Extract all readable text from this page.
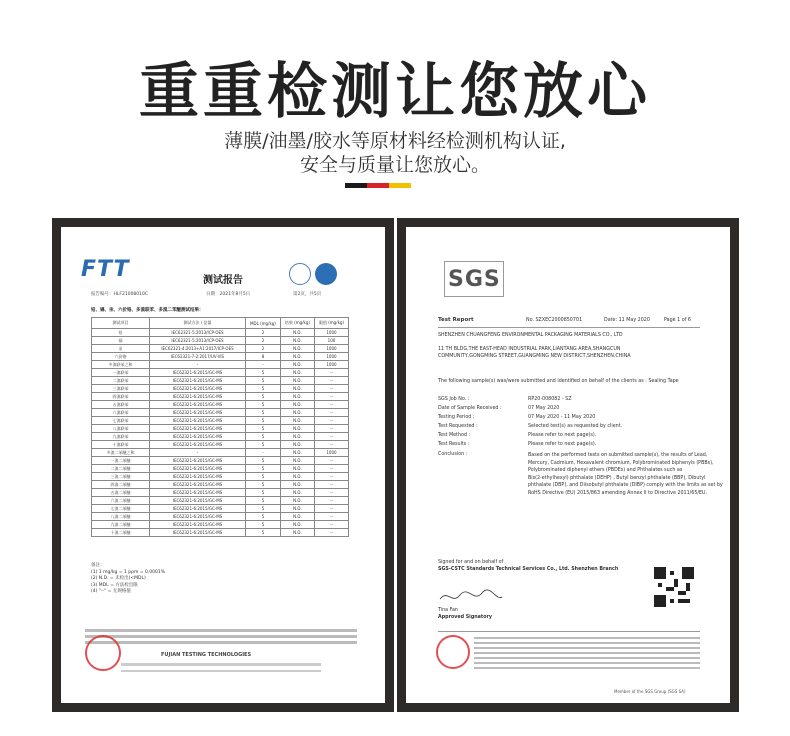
重重检测让您放心
薄膜/油墨/胶水等原材料经检测机构认证,
安全与质量让您放心。
FTT	测试报告
报告编号：HLF21008010C	日期：2021年8月5日	第2页，共5页
铅、镉、汞、六价铬、多溴联苯、多溴二苯醚测试结果：
测试项目	测试方法 / 仪器	MDL (mg/kg)	结果 (mg/kg)	限值 (mg/kg)
铅	IEC62321-5:2013/ICP-OES	2	N.D.	1000
镉	IEC62321-5:2013/ICP-OES	2	N.D.	100
汞	IEC62321-4:2013+A1:2017/ICP-OES	2	N.D.	1000
六价铬	IEC62321-7-2:2017/UV-VIS	8	N.D.	1000
多溴联苯之和	-	-	N.D.	1000
一溴联苯	IEC62321-6:2015/GC-MS	5	N.D.	--
二溴联苯	IEC62321-6:2015/GC-MS	5	N.D.	--
三溴联苯	IEC62321-6:2015/GC-MS	5	N.D.	--
四溴联苯	IEC62321-6:2015/GC-MS	5	N.D.	--
五溴联苯	IEC62321-6:2015/GC-MS	5	N.D.	--
六溴联苯	IEC62321-6:2015/GC-MS	5	N.D.	--
七溴联苯	IEC62321-6:2015/GC-MS	5	N.D.	--
八溴联苯	IEC62321-6:2015/GC-MS	5	N.D.	--
九溴联苯	IEC62321-6:2015/GC-MS	5	N.D.	--
十溴联苯	IEC62321-6:2015/GC-MS	5	N.D.	--
多溴二苯醚之和	-	-	N.D.	1000
一溴二苯醚	IEC62321-6:2015/GC-MS	5	N.D.	--
二溴二苯醚	IEC62321-6:2015/GC-MS	5	N.D.	--
三溴二苯醚	IEC62321-6:2015/GC-MS	5	N.D.	--
四溴二苯醚	IEC62321-6:2015/GC-MS	5	N.D.	--
五溴二苯醚	IEC62321-6:2015/GC-MS	5	N.D.	--
六溴二苯醚	IEC62321-6:2015/GC-MS	5	N.D.	--
七溴二苯醚	IEC62321-6:2015/GC-MS	5	N.D.	--
八溴二苯醚	IEC62321-6:2015/GC-MS	5	N.D.	--
九溴二苯醚	IEC62321-6:2015/GC-MS	5	N.D.	--
十溴二苯醚	IEC62321-6:2015/GC-MS	5	N.D.	--
备注：
(1) 1 mg/kg = 1 ppm = 0.0001%
(2) N.D. = 未检出(<MDL)
(3) MDL = 方法检出限
(4) "--" = 无规格值
FUJIAN TESTING TECHNOLOGIES
SGS
Test Report	No. SZXEC2000850701	Date: 11 May 2020	Page 1 of 6
SHENZHEN CHUANGFENG ENVIRONMENTAL PACKAGING MATERIALS CO., LTD
11 TH BLDG,THE EAST-HEAD INDUSTRIAL PARK,LIANTANG AREA,SHANGCUN
COMMUNITY,GONGMING STREET,GUANGMING NEW DISTRICT,SHENZHEN,CHINA
The following sample(s) was/were submitted and identified on behalf of the clients as : Sealing Tape
SGS Job No. :	RP20-008082 - SZ
Date of Sample Received :	07 May 2020
Testing Period :	07 May 2020 - 11 May 2020
Test Requested :	Selected test(s) as requested by client.
Test Method :	Please refer to next page(s).
Test Results :	Please refer to next page(s).
Conclusion :	Based on the performed tests on submitted sample(s), the results of Lead,
Mercury, Cadmium, Hexavalent chromium, Polybrominated biphenyls (PBBs),
Polybrominated diphenyl ethers (PBDEs) and Phthalates such as
Bis(2-ethylhexyl) phthalate (DEHP) , Butyl benzyl phthalate (BBP), Dibutyl
phthalate (DBP), and Diisobutyl phthalate (DIBP) comply with the limits as set by
RoHS Directive (EU) 2015/863 amending Annex II to Directive 2011/65/EU.
Signed for and on behalf of
SGS-CSTC Standards Technical Services Co., Ltd. Shenzhen Branch
Tina Fan
Approved Signatory
Member of the SGS Group (SGS SA)
